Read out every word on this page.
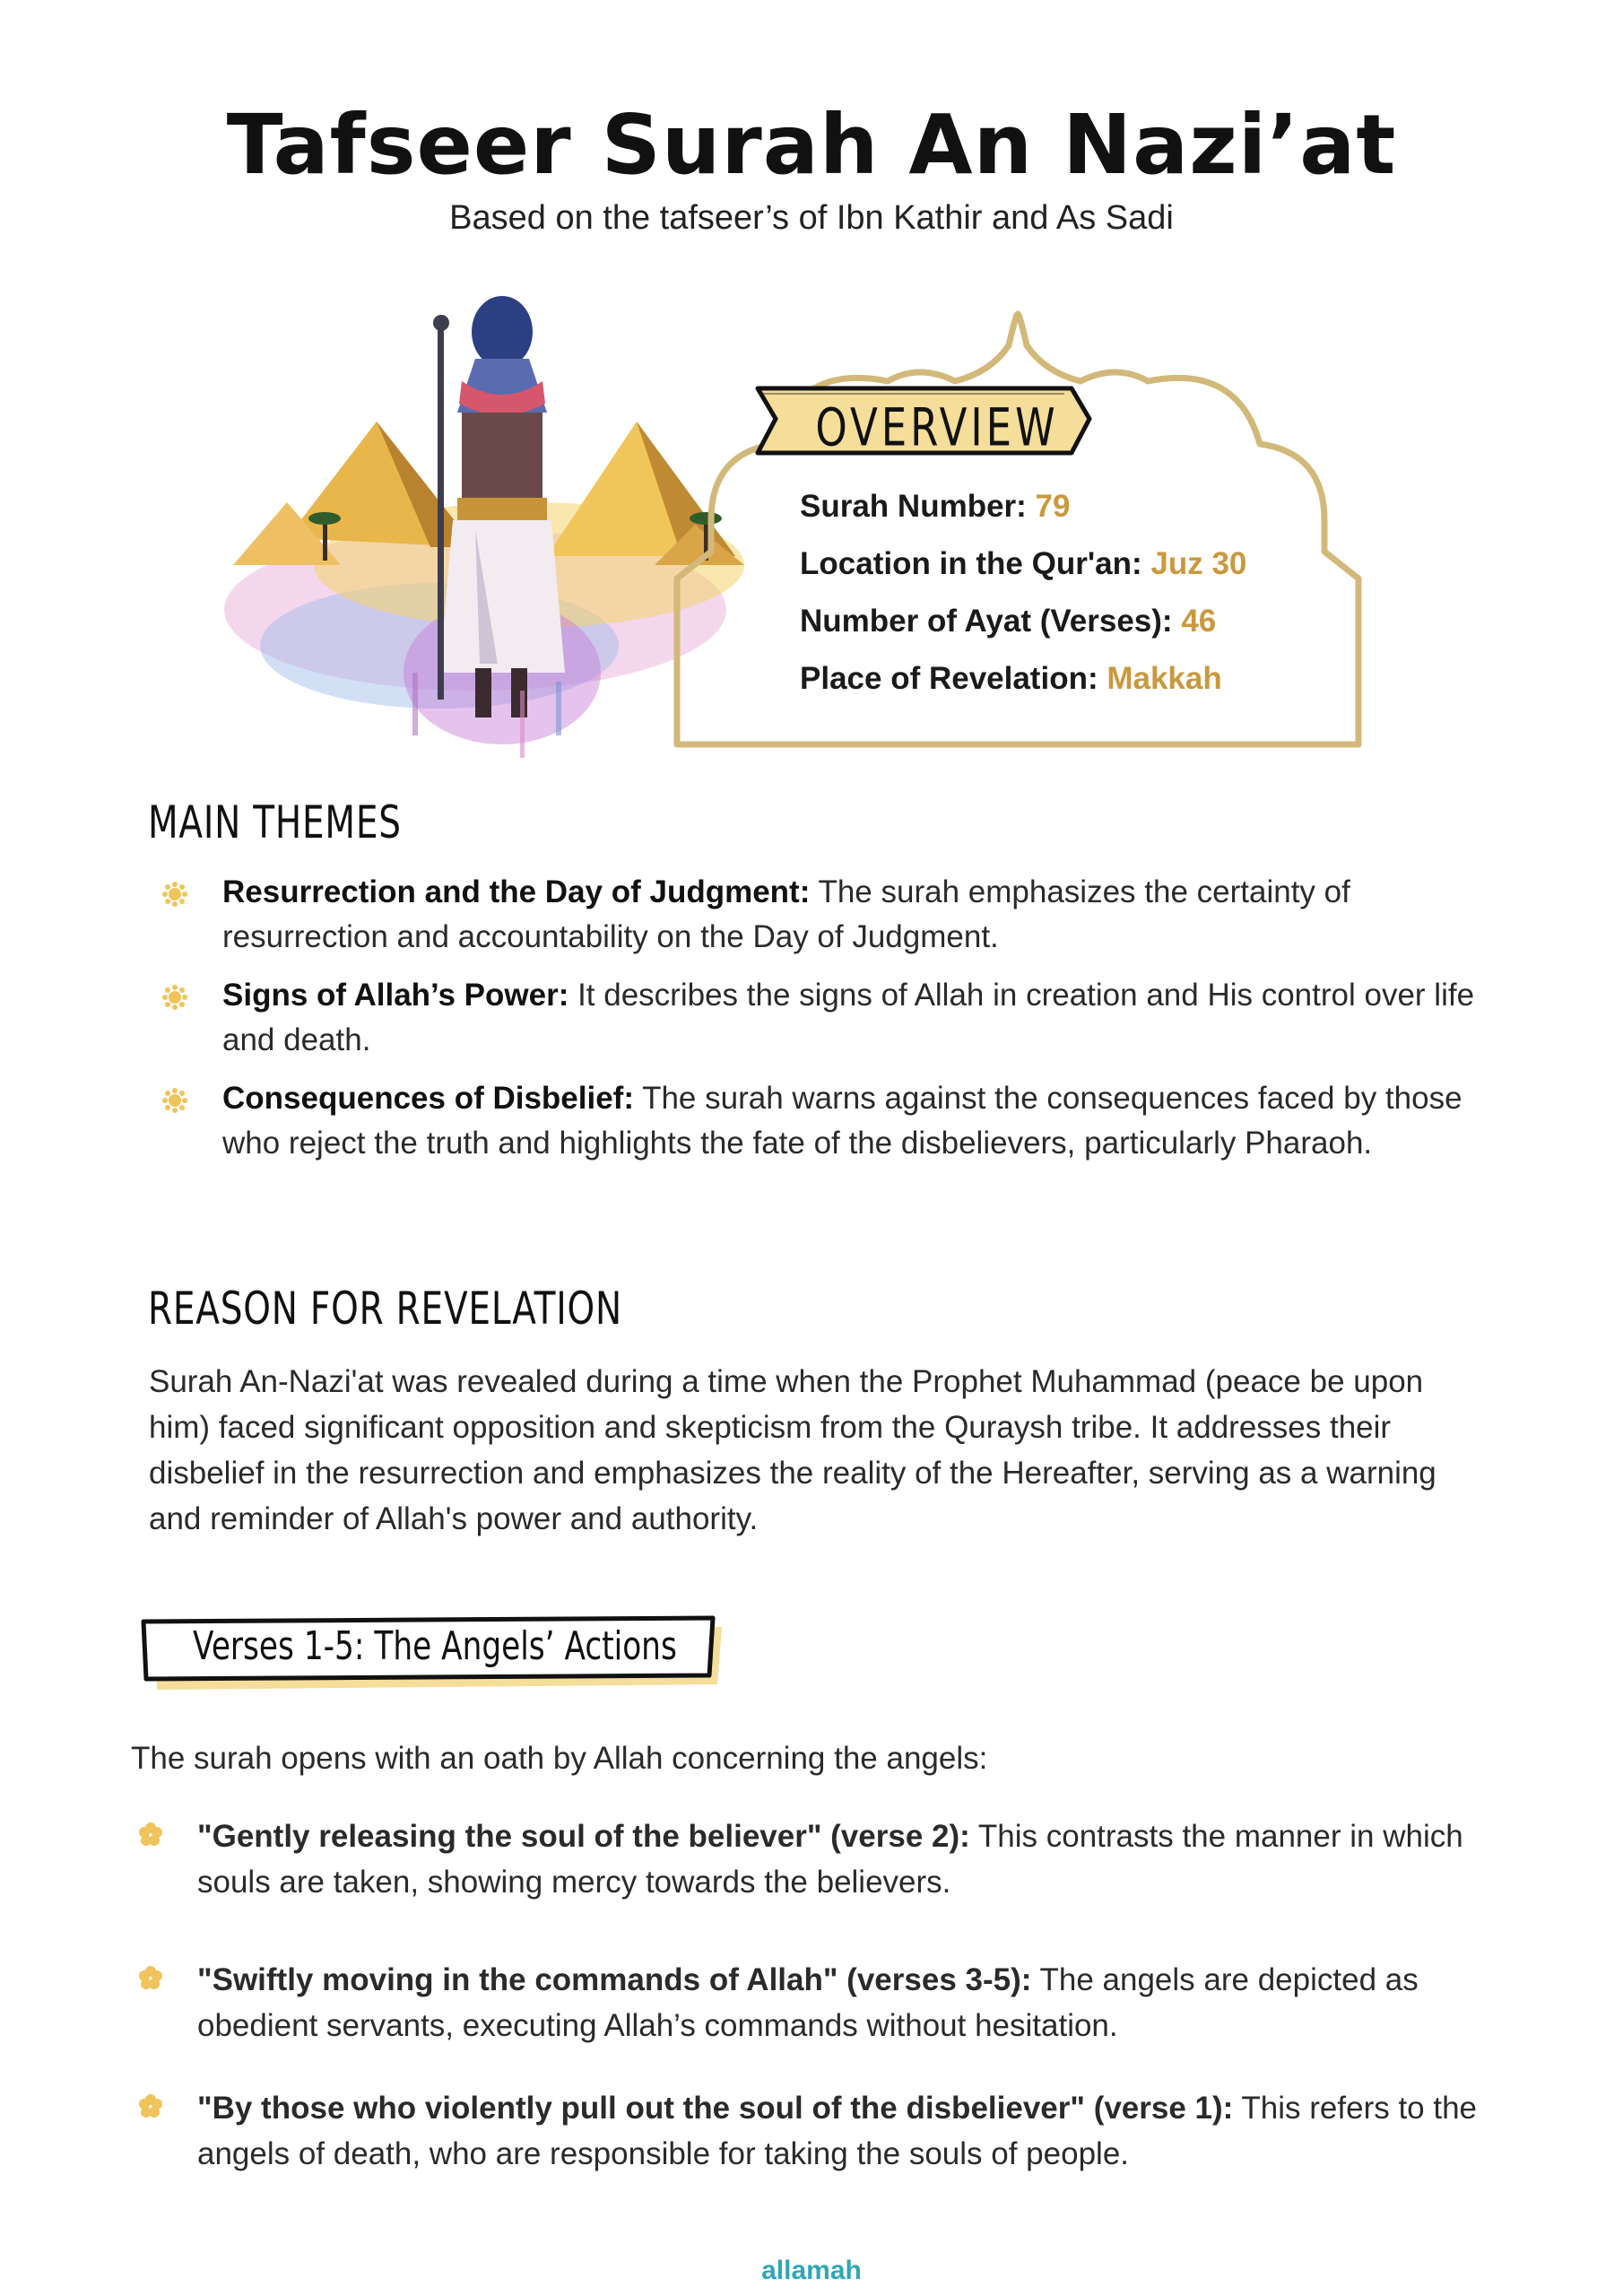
Tafseer Surah An Nazi’at
Based on the tafseer’s of Ibn Kathir and As Sadi
OVERVIEW
Surah Number: 79
Location in the Qur'an: Juz 30
Number of Ayat (Verses): 46
Place of Revelation: Makkah
MAIN THEMES
Resurrection and the Day of Judgment: The surah emphasizes the certainty of resurrection and accountability on the Day of Judgment.
Signs of Allah’s Power: It describes the signs of Allah in creation and His control over life and death.
Consequences of Disbelief: The surah warns against the consequences faced by those who reject the truth and highlights the fate of the disbelievers, particularly Pharaoh.
REASON FOR REVELATION
Surah An-Nazi'at was revealed during a time when the Prophet Muhammad (peace be upon him) faced significant opposition and skepticism from the Quraysh tribe. It addresses their disbelief in the resurrection and emphasizes the reality of the Hereafter, serving as a warning and reminder of Allah's power and authority.
Verses 1-5: The Angels’ Actions
The surah opens with an oath by Allah concerning the angels:
"Gently releasing the soul of the believer" (verse 2): This contrasts the manner in which souls are taken, showing mercy towards the believers.
"Swiftly moving in the commands of Allah" (verses 3-5): The angels are depicted as obedient servants, executing Allah’s commands without hesitation.
"By those who violently pull out the soul of the disbeliever" (verse 1): This refers to the angels of death, who are responsible for taking the souls of people.
allamah
